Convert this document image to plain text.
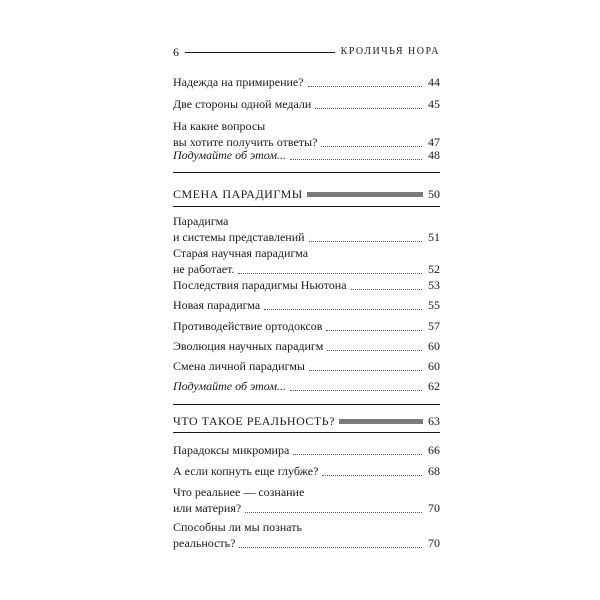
6	КРОЛИЧЬЯ НОРА
Надежда на примирение?	44
Две стороны одной медали	45
На какие вопросы
вы хотите получить ответы?	47
Подумайте об этом...	48
СМЕНА ПАРАДИГМЫ	50
Парадигма
и системы представлений	51
Старая научная парадигма
не работает.	52
Последствия парадигмы Ньютона	53
Новая парадигма	55
Противодействие ортодоксов	57
Эволюция научных парадигм	60
Смена личной парадигмы	60
Подумайте об этом...	62
ЧТО ТАКОЕ РЕАЛЬНОСТЬ?	63
Парадоксы микромира	66
А если копнуть еще глубже?	68
Что реальнее — сознание
или материя?	70
Способны ли мы познать
реальность?	70
